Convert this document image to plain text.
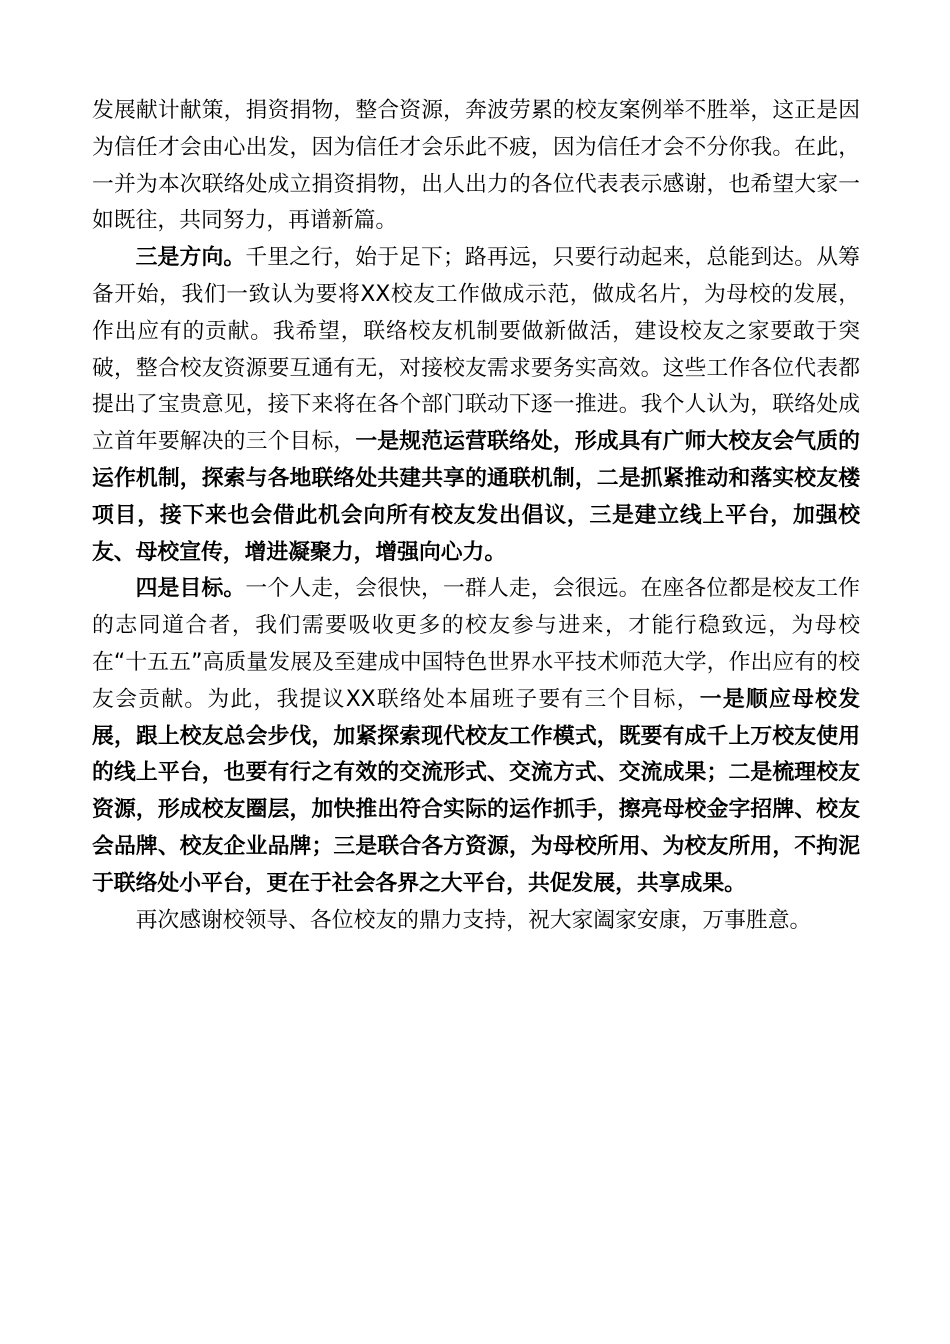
发展献计献策，捐资捐物，整合资源，奔波劳累的校友案例举不胜举，这正是因为信任才会由心出发，因为信任才会乐此不疲，因为信任才会不分你我。在此，一并为本次联络处成立捐资捐物，出人出力的各位代表表示感谢，也希望大家一如既往，共同努力，再谱新篇。

三是方向。千里之行，始于足下；路再远，只要行动起来，总能到达。从筹备开始，我们一致认为要将XX校友工作做成示范，做成名片，为母校的发展，作出应有的贡献。我希望，联络校友机制要做新做活，建设校友之家要敢于突破，整合校友资源要互通有无，对接校友需求要务实高效。这些工作各位代表都提出了宝贵意见，接下来将在各个部门联动下逐一推进。我个人认为，联络处成立首年要解决的三个目标，一是规范运营联络处，形成具有广师大校友会气质的运作机制，探索与各地联络处共建共享的通联机制，二是抓紧推动和落实校友楼项目，接下来也会借此机会向所有校友发出倡议，三是建立线上平台，加强校友、母校宣传，增进凝聚力，增强向心力。

四是目标。一个人走，会很快，一群人走，会很远。在座各位都是校友工作的志同道合者，我们需要吸收更多的校友参与进来，才能行稳致远，为母校在“十五五”高质量发展及至建成中国特色世界水平技术师范大学，作出应有的校友会贡献。为此，我提议XX联络处本届班子要有三个目标，一是顺应母校发展，跟上校友总会步伐，加紧探索现代校友工作模式，既要有成千上万校友使用的线上平台，也要有行之有效的交流形式、交流方式、交流成果；二是梳理校友资源，形成校友圈层，加快推出符合实际的运作抓手，擦亮母校金字招牌、校友会品牌、校友企业品牌；三是联合各方资源，为母校所用、为校友所用，不拘泥于联络处小平台，更在于社会各界之大平台，共促发展，共享成果。

再次感谢校领导、各位校友的鼎力支持，祝大家阖家安康，万事胜意。
